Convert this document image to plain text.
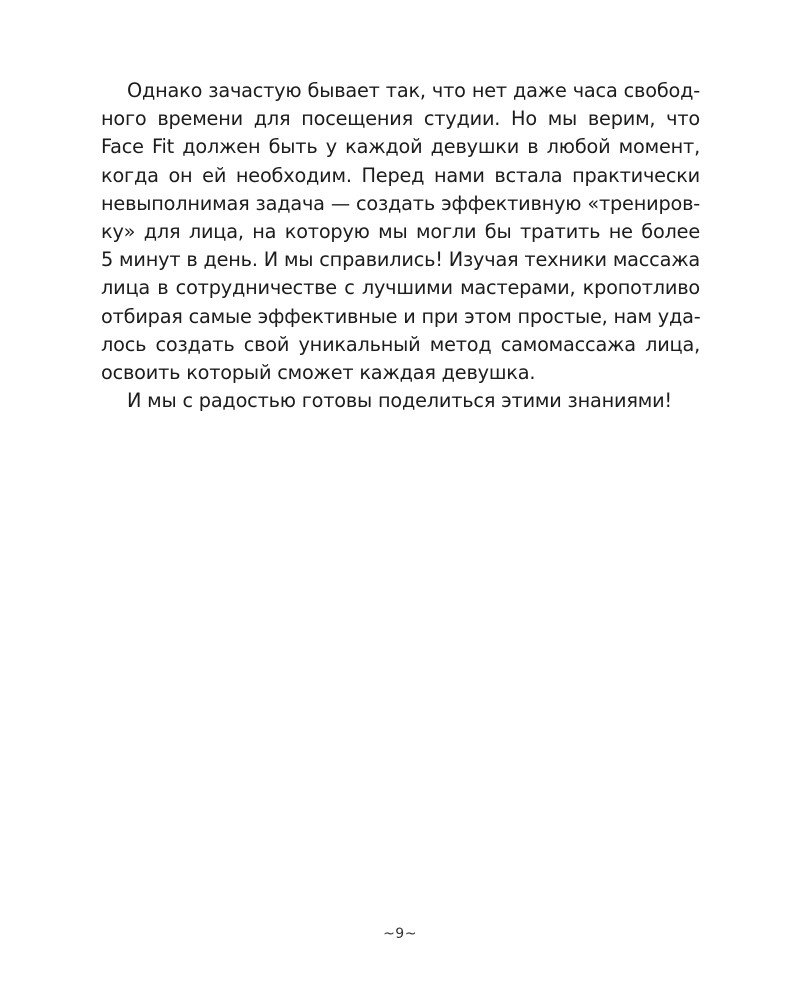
Однако зачастую бывает так, что нет даже часа свобод-
ного времени для посещения студии. Но мы верим, что
Face Fit должен быть у каждой девушки в любой момент,
когда он ей необходим. Перед нами встала практически
невыполнимая задача — создать эффективную «трениров-
ку» для лица, на которую мы могли бы тратить не более
5 минут в день. И мы справились! Изучая техники массажа
лица в сотрудничестве с лучшими мастерами, кропотливо
отбирая самые эффективные и при этом простые, нам уда-
лось создать свой уникальный метод самомассажа лица,
освоить который сможет каждая девушка.
И мы с радостью готовы поделиться этими знаниями!
~9~
